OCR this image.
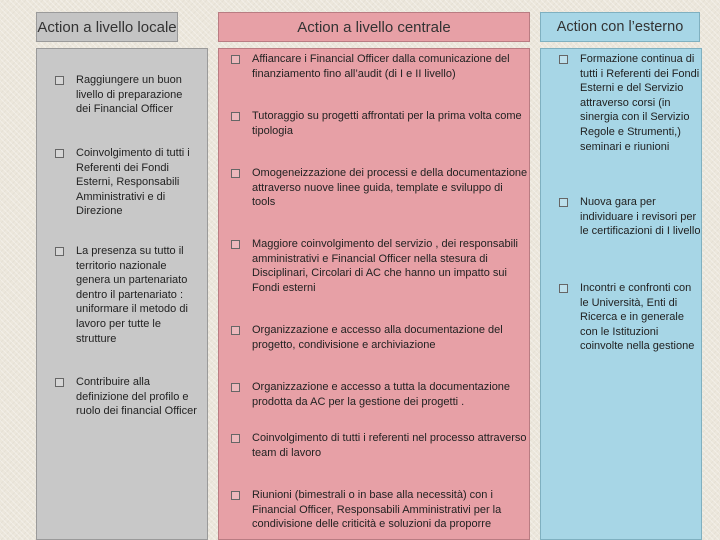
Action a livello locale	Action a livello centrale	Action con l’esterno
Raggiungere un buon livello di preparazione dei Financial Officer
Coinvolgimento di tutti i Referenti dei Fondi Esterni, Responsabili Amministrativi e di Direzione
La presenza su tutto il territorio nazionale genera un partenariato dentro il partenariato : uniformare il metodo di lavoro per tutte le strutture
Contribuire alla definizione del profilo e ruolo dei financial Officer
Affiancare i Financial Officer dalla comunicazione del finanziamento fino all’audit (di I e II livello)
Tutoraggio su progetti affrontati per la prima volta come tipologia
Omogeneizzazione dei processi e della documentazione attraverso nuove linee guida, template e sviluppo di tools
Maggiore coinvolgimento del servizio , dei responsabili amministrativi e Financial Officer nella stesura di Disciplinari, Circolari di AC che hanno un impatto sui Fondi esterni
Organizzazione e accesso alla documentazione del progetto, condivisione e archiviazione
Organizzazione e accesso a tutta la documentazione prodotta da AC per la gestione dei progetti .
Coinvolgimento di tutti i referenti nel processo attraverso team di lavoro
Riunioni (bimestrali o in base alla necessità) con i Financial Officer, Responsabili Amministrativi per la condivisione delle criticità e soluzioni da proporre
Formazione continua di tutti i Referenti dei Fondi Esterni e del Servizio attraverso corsi (in sinergia con il Servizio Regole e Strumenti,) seminari e riunioni
Nuova gara per individuare i revisori per le certificazioni di I livello
Incontri e confronti con le Università, Enti di Ricerca e in generale con le Istituzioni coinvolte nella gestione
